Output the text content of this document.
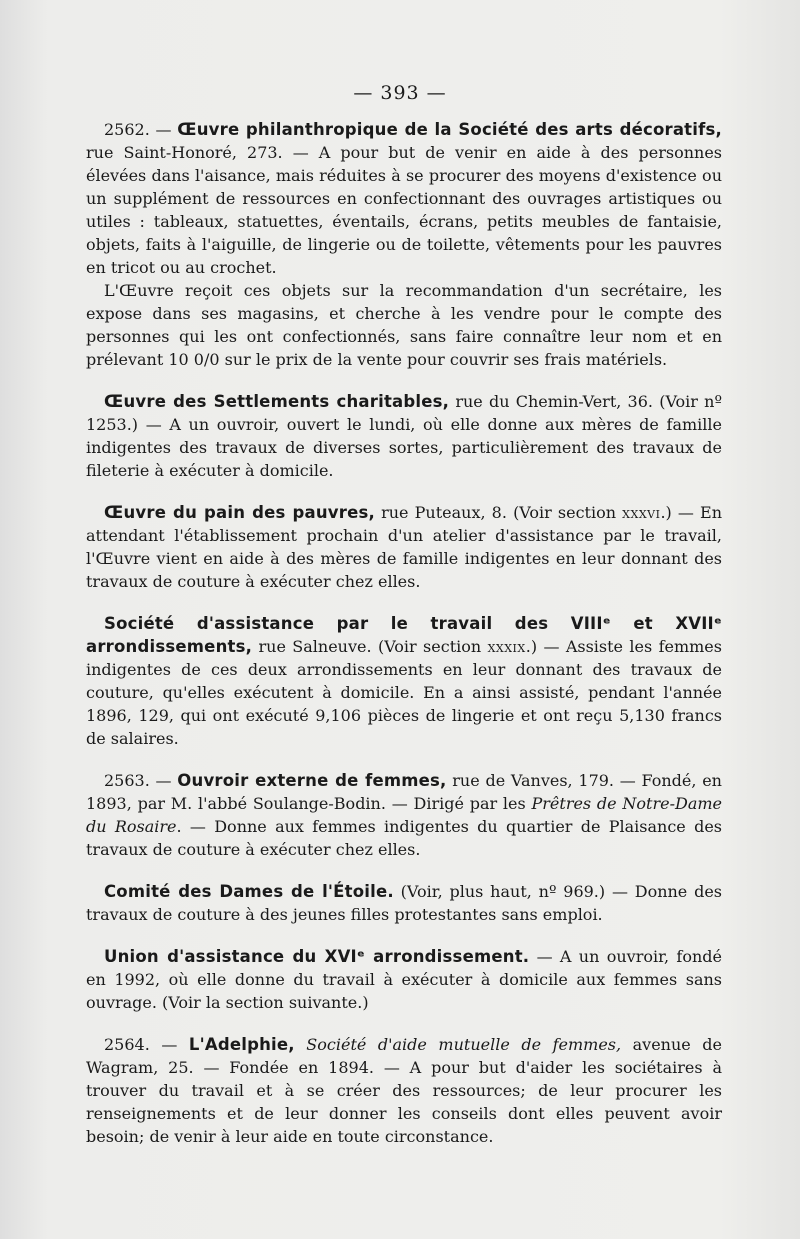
— 393 —

2562. — Œuvre philanthropique de la Société des arts décoratifs, rue Saint-Honoré, 273. — A pour but de venir en aide à des personnes élevées dans l'aisance, mais réduites à se procurer des moyens d'existence ou un supplément de ressources en confectionnant des ouvrages artistiques ou utiles : tableaux, statuettes, éventails, écrans, petits meubles de fantaisie, objets, faits à l'aiguille, de lingerie ou de toilette, vêtements pour les pauvres en tricot ou au crochet.

L'Œuvre reçoit ces objets sur la recommandation d'un secrétaire, les expose dans ses magasins, et cherche à les vendre pour le compte des personnes qui les ont confectionnés, sans faire connaître leur nom et en prélevant 10 0/0 sur le prix de la vente pour couvrir ses frais matériels.

Œuvre des Settlements charitables, rue du Chemin-Vert, 36. (Voir nº 1253.) — A un ouvroir, ouvert le lundi, où elle donne aux mères de famille indigentes des travaux de diverses sortes, particulièrement des travaux de fileterie à exécuter à domicile.

Œuvre du pain des pauvres, rue Puteaux, 8. (Voir section xxxvi.) — En attendant l'établissement prochain d'un atelier d'assistance par le travail, l'Œuvre vient en aide à des mères de famille indigentes en leur donnant des travaux de couture à exécuter chez elles.

Société d'assistance par le travail des VIIIᵉ et XVIIᵉ arrondissements, rue Salneuve. (Voir section xxxix.) — Assiste les femmes indigentes de ces deux arrondissements en leur donnant des travaux de couture, qu'elles exécutent à domicile. En a ainsi assisté, pendant l'année 1896, 129, qui ont exécuté 9,106 pièces de lingerie et ont reçu 5,130 francs de salaires.

2563. — Ouvroir externe de femmes, rue de Vanves, 179. — Fondé, en 1893, par M. l'abbé Soulange-Bodin. — Dirigé par les Prêtres de Notre-Dame du Rosaire. — Donne aux femmes indigentes du quartier de Plaisance des travaux de couture à exécuter chez elles.

Comité des Dames de l'Étoile. (Voir, plus haut, nº 969.) — Donne des travaux de couture à des jeunes filles protestantes sans emploi.

Union d'assistance du XVIᵉ arrondissement. — A un ouvroir, fondé en 1992, où elle donne du travail à exécuter à domicile aux femmes sans ouvrage. (Voir la section suivante.)

2564. — L'Adelphie, Société d'aide mutuelle de femmes, avenue de Wagram, 25. — Fondée en 1894. — A pour but d'aider les sociétaires à trouver du travail et à se créer des ressources; de leur procurer les renseignements et de leur donner les conseils dont elles peuvent avoir besoin; de venir à leur aide en toute circonstance.
